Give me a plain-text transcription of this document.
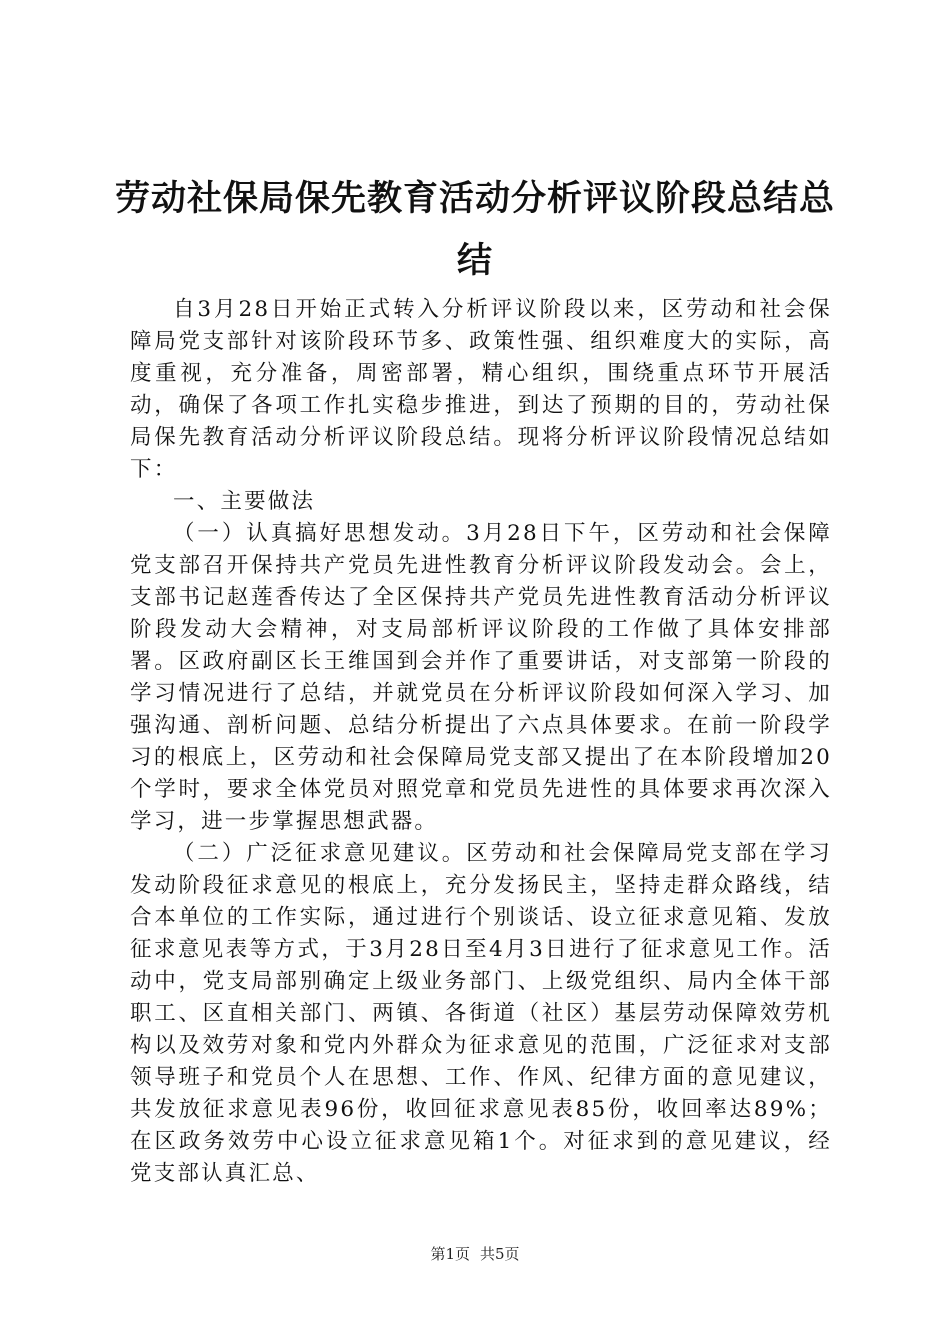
劳动社保局保先教育活动分析评议阶段总结总结

自3月28日开始正式转入分析评议阶段以来，区劳动和社会保障局党支部针对该阶段环节多、政策性强、组织难度大的实际，高度重视，充分准备，周密部署，精心组织，围绕重点环节开展活动，确保了各项工作扎实稳步推进，到达了预期的目的，劳动社保局保先教育活动分析评议阶段总结。现将分析评议阶段情况总结如下：

一、主要做法

（一）认真搞好思想发动。3月28日下午，区劳动和社会保障党支部召开保持共产党员先进性教育分析评议阶段发动会。会上，支部书记赵莲香传达了全区保持共产党员先进性教育活动分析评议阶段发动大会精神，对支局部析评议阶段的工作做了具体安排部署。区政府副区长王维国到会并作了重要讲话，对支部第一阶段的学习情况进行了总结，并就党员在分析评议阶段如何深入学习、加强沟通、剖析问题、总结分析提出了六点具体要求。在前一阶段学习的根底上，区劳动和社会保障局党支部又提出了在本阶段增加20个学时，要求全体党员对照党章和党员先进性的具体要求再次深入学习，进一步掌握思想武器。

（二）广泛征求意见建议。区劳动和社会保障局党支部在学习发动阶段征求意见的根底上，充分发扬民主，坚持走群众路线，结合本单位的工作实际，通过进行个别谈话、设立征求意见箱、发放征求意见表等方式，于3月28日至4月3日进行了征求意见工作。活动中，党支局部别确定上级业务部门、上级党组织、局内全体干部职工、区直相关部门、两镇、各街道（社区）基层劳动保障效劳机构以及效劳对象和党内外群众为征求意见的范围，广泛征求对支部领导班子和党员个人在思想、工作、作风、纪律方面的意见建议，共发放征求意见表96份，收回征求意见表85份，收回率达89%；在区政务效劳中心设立征求意见箱1个。对征求到的意见建议，经党支部认真汇总、

第1页 共5页
